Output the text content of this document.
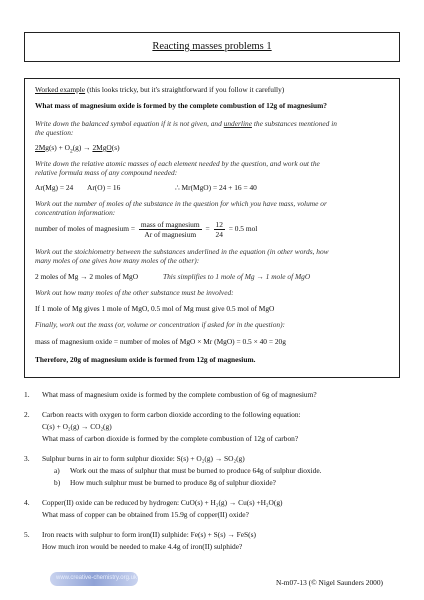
Reacting masses problems 1
Worked example (this looks tricky, but it's straightforward if you follow it carefully)
What mass of magnesium oxide is formed by the complete combustion of 12g of magnesium?
Write down the balanced symbol equation if it is not given, and underline the substances mentioned in
the question:
$2Mg(s) + O_2(g) \to 2MgO(s)$
Write down the relative atomic masses of each element needed by the question, and work out the
relative formula mass of any compound needed:
Ar(Mg) = 24 Ar(O) = 16	∴ Mr(MgO) = 24 + 16 = 40
Work out the number of moles of the substance in the question for which you have mass, volume or
concentration information:
number of moles of magnesium = $\frac{\text{mass of magnesium}}{\text{Ar of magnesium}} = \frac{12}{24} = 0.5$ mol
Work out the stoichiometry between the substances underlined in the equation (in other words, how
many moles of one gives how many moles of the other):
2 moles of Mg → 2 moles of MgO	This simplifies to 1 mole of Mg → 1 mole of MgO
Work out how many moles of the other substance must be involved:
If 1 mole of Mg gives 1 mole of MgO, 0.5 mol of Mg must give 0.5 mol of MgO
Finally, work out the mass (or, volume or concentration if asked for in the question):
mass of magnesium oxide = number of moles of MgO × Mr (MgO) = 0.5 × 40 = 20g
Therefore, 20g of magnesium oxide is formed from 12g of magnesium.
1. What mass of magnesium oxide is formed by the complete combustion of 6g of magnesium?
2. Carbon reacts with oxygen to form carbon dioxide according to the following equation:
C(s) + O₂(g) → CO₂(g)
What mass of carbon dioxide is formed by the complete combustion of 12g of carbon?
3. Sulphur burns in air to form sulphur dioxide: S(s) + O₂(g) → SO₂(g)
a) Work out the mass of sulphur that must be burned to produce 64g of sulphur dioxide.
b) How much sulphur must be burned to produce 8g of sulphur dioxide?
4. Copper(II) oxide can be reduced by hydrogen: CuO(s) + H₂(g) → Cu(s) +H₂O(g)
What mass of copper can be obtained from 15.9g of copper(II) oxide?
5. Iron reacts with sulphur to form iron(II) sulphide: Fe(s) + S(s) → FeS(s)
How much iron would be needed to make 4.4g of iron(II) sulphide?
www.creative-chemistry.org.uk	N-m07-13 (© Nigel Saunders 2000)
